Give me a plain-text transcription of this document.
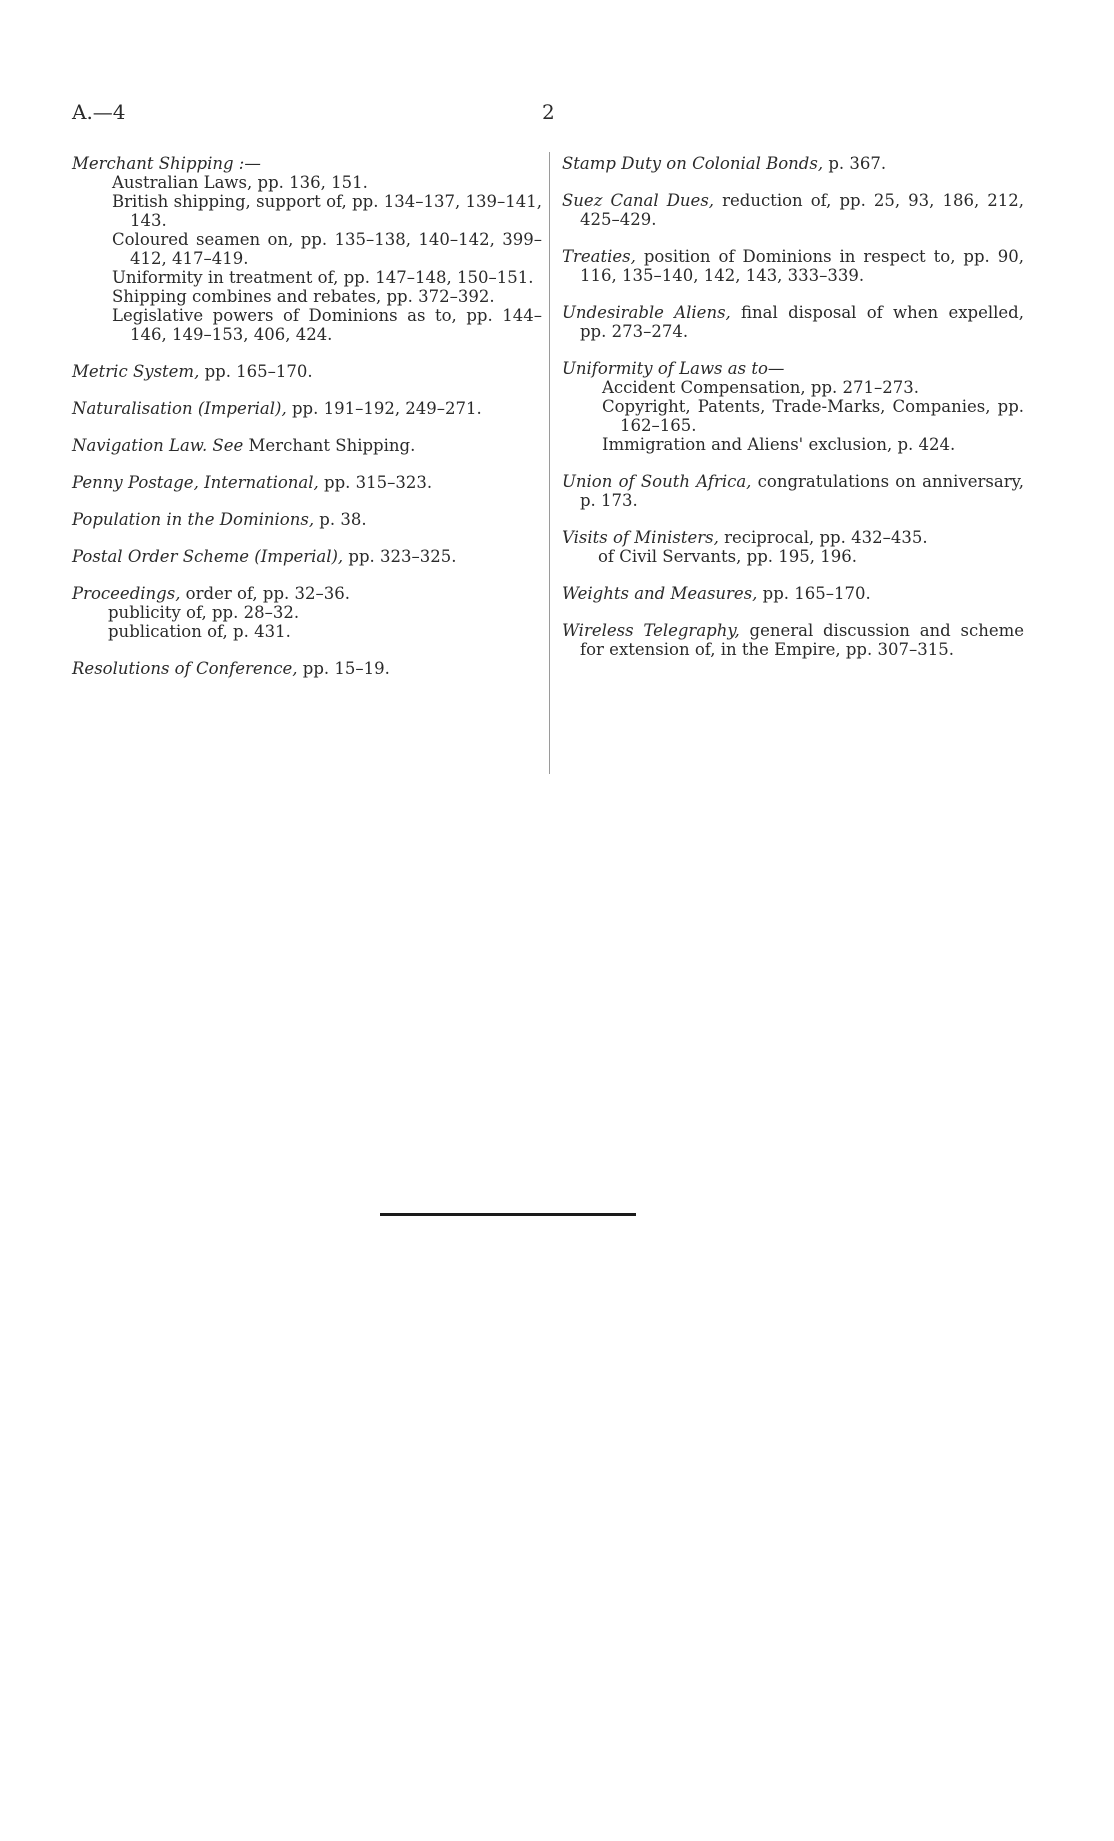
A.—4	2
Merchant Shipping :—
Australian Laws, pp. 136, 151.
British shipping, support of, pp. 134–137, 139–141, 143.
Coloured seamen on, pp. 135–138, 140–142, 399–412, 417–419.
Uniformity in treatment of, pp. 147–148, 150–151.
Shipping combines and rebates, pp. 372–392.
Legislative powers of Dominions as to, pp. 144–146, 149–153, 406, 424.
Metric System, pp. 165–170.
Naturalisation (Imperial), pp. 191–192, 249–271.
Navigation Law. See Merchant Shipping.
Penny Postage, International, pp. 315–323.
Population in the Dominions, p. 38.
Postal Order Scheme (Imperial), pp. 323–325.
Proceedings, order of, pp. 32–36.
publicity of, pp. 28–32.
publication of, p. 431.
Resolutions of Conference, pp. 15–19.
Stamp Duty on Colonial Bonds, p. 367.
Suez Canal Dues, reduction of, pp. 25, 93, 186, 212, 425–429.
Treaties, position of Dominions in respect to, pp. 90, 116, 135–140, 142, 143, 333–339.
Undesirable Aliens, final disposal of when expelled, pp. 273–274.
Uniformity of Laws as to—
Accident Compensation, pp. 271–273.
Copyright, Patents, Trade-Marks, Companies, pp. 162–165.
Immigration and Aliens' exclusion, p. 424.
Union of South Africa, congratulations on anniversary, p. 173.
Visits of Ministers, reciprocal, pp. 432–435.
of Civil Servants, pp. 195, 196.
Weights and Measures, pp. 165–170.
Wireless Telegraphy, general discussion and scheme for extension of, in the Empire, pp. 307–315.
